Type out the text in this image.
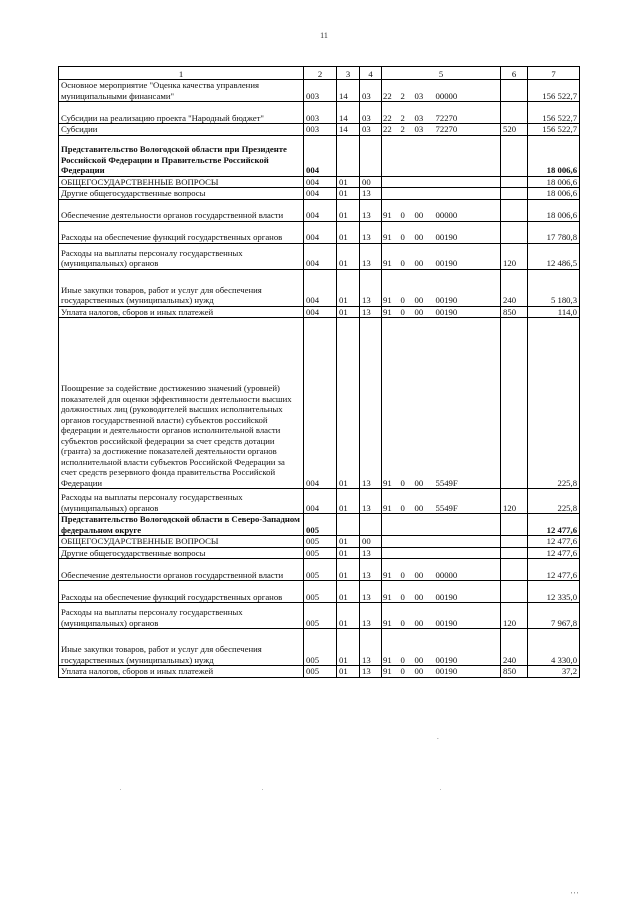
11
1	2	3	4	5				6	7
Основное мероприятие "Оценка качества управления муниципальными финансами"	003	14	03	22	2	03	00000		156 522,7
Субсидии на реализацию проекта "Народный бюджет"	003	14	03	22	2	03	72270		156 522,7
Субсидии	003	14	03	22	2	03	72270	520	156 522,7
Представительство Вологодской области при Президенте Российской Федерации и Правительстве Российской Федерации	004								18 006,6
ОБЩЕГОСУДАРСТВЕННЫЕ ВОПРОСЫ	004	01	00						18 006,6
Другие общегосударственные вопросы	004	01	13						18 006,6
Обеспечение деятельности органов государственной власти	004	01	13	91	0	00	00000		18 006,6
Расходы на обеспечение функций государственных органов	004	01	13	91	0	00	00190		17 780,8
Расходы на выплаты персоналу государственных (муниципальных) органов	004	01	13	91	0	00	00190	120	12 486,5
Иные закупки товаров, работ и услуг для обеспечения государственных (муниципальных) нужд	004	01	13	91	0	00	00190	240	5 180,3
Уплата налогов, сборов и иных платежей	004	01	13	91	0	00	00190	850	114,0
Поощрение за содействие достижению значений (уровней) показателей для оценки эффективности деятельности высших должностных лиц (руководителей высших исполнительных органов государственной власти) субъектов российской федерации и деятельности органов исполнительной власти субъектов российской федерации за счет средств дотации (гранта) за достижение показателей деятельности органов исполнительной власти субъектов Российской Федерации за счет средств резервного фонда правительства Российской Федерации	004	01	13	91	0	00	5549F		225,8
Расходы на выплаты персоналу государственных (муниципальных) органов	004	01	13	91	0	00	5549F	120	225,8
Представительство Вологодской области в Северо-Западном федеральном округе	005								12 477,6
ОБЩЕГОСУДАРСТВЕННЫЕ ВОПРОСЫ	005	01	00						12 477,6
Другие общегосударственные вопросы	005	01	13						12 477,6
Обеспечение деятельности органов государственной власти	005	01	13	91	0	00	00000		12 477,6
Расходы на обеспечение функций государственных органов	005	01	13	91	0	00	00190		12 335,0
Расходы на выплаты персоналу государственных (муниципальных) органов	005	01	13	91	0	00	00190	120	7 967,8
Иные закупки товаров, работ и услуг для обеспечения государственных (муниципальных) нужд	005	01	13	91	0	00	00190	240	4 330,0
Уплата налогов, сборов и иных платежей	005	01	13	91	0	00	00190	850	37,2
.
' ' '
